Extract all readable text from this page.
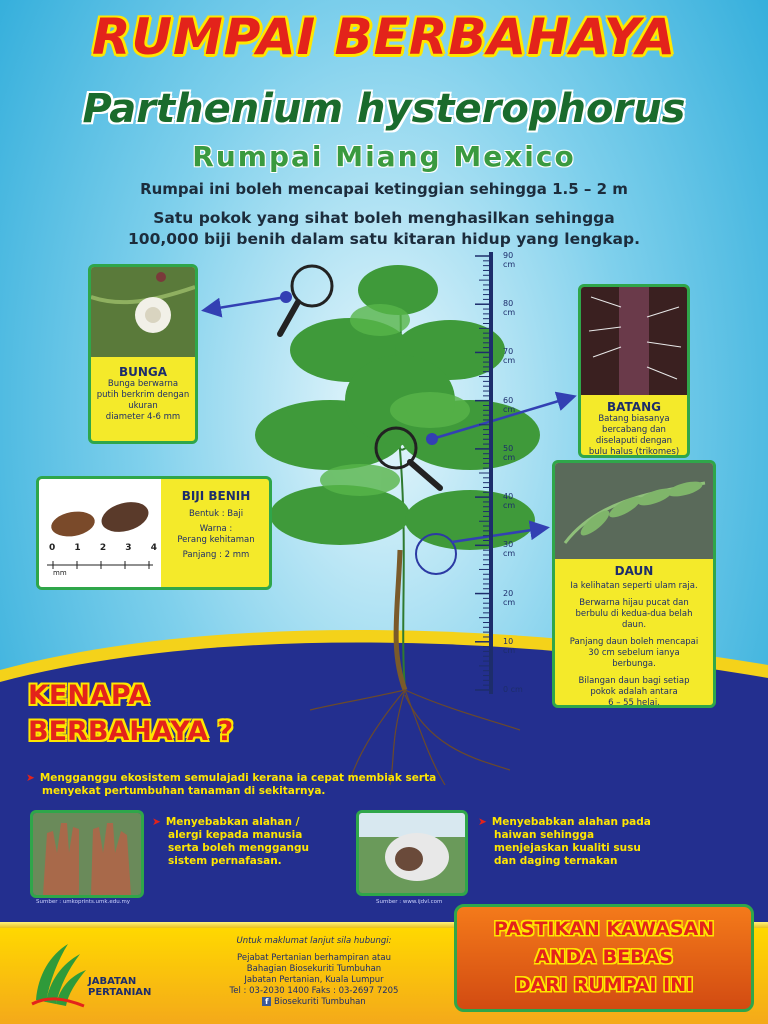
RUMPAI BERBAHAYA
Parthenium hysterophorus
Rumpai Miang Mexico
Rumpai ini boleh mencapai ketinggian sehingga 1.5 – 2 m
Satu pokok yang sihat boleh menghasilkan sehingga
100,000 biji benih dalam satu kitaran hidup yang lengkap.
90 cm
80 cm
70 cm
60 cm
50 cm
40 cm
30 cm
20 cm
10 cm
0 cm
BUNGA
Bunga berwarna
putih berkrim dengan
ukuran
diameter 4-6 mm
BATANG
Batang biasanya
bercabang dan
diselaputi dengan
bulu halus (trikomes)
0 1 2 3 4
mm
BIJI BENIH
Bentuk : Baji
Warna :
Perang kehitaman
Panjang : 2 mm
DAUN
Ia kelihatan seperti ulam raja.
Berwarna hijau pucat dan
berbulu di kedua-dua belah
daun.
Panjang daun boleh mencapai
30 cm sebelum ianya
berbunga.
Bilangan daun bagi setiap
pokok adalah antara
6 – 55 helai.
KENAPA
BERBAHAYA ?
➤ Mengganggu ekosistem semulajadi kerana ia cepat membiak serta
menyekat pertumbuhan tanaman di sekitarnya.
Sumber : umkoprints.umk.edu.my
➤ Menyebabkan alahan /
alergi kepada manusia
serta boleh menggangu
sistem pernafasan.
Sumber : www.ijdvl.com
➤ Menyebabkan alahan pada
haiwan sehingga
menjejaskan kualiti susu
dan daging ternakan
JABATAN
PERTANIAN
Untuk maklumat lanjut sila hubungi:
Pejabat Pertanian berhampiran atau
Bahagian Biosekuriti Tumbuhan
Jabatan Pertanian, Kuala Lumpur
Tel : 03-2030 1400 Faks : 03-2697 7205
f Biosekuriti Tumbuhan
PASTIKAN KAWASAN
ANDA BEBAS
DARI RUMPAI INI
